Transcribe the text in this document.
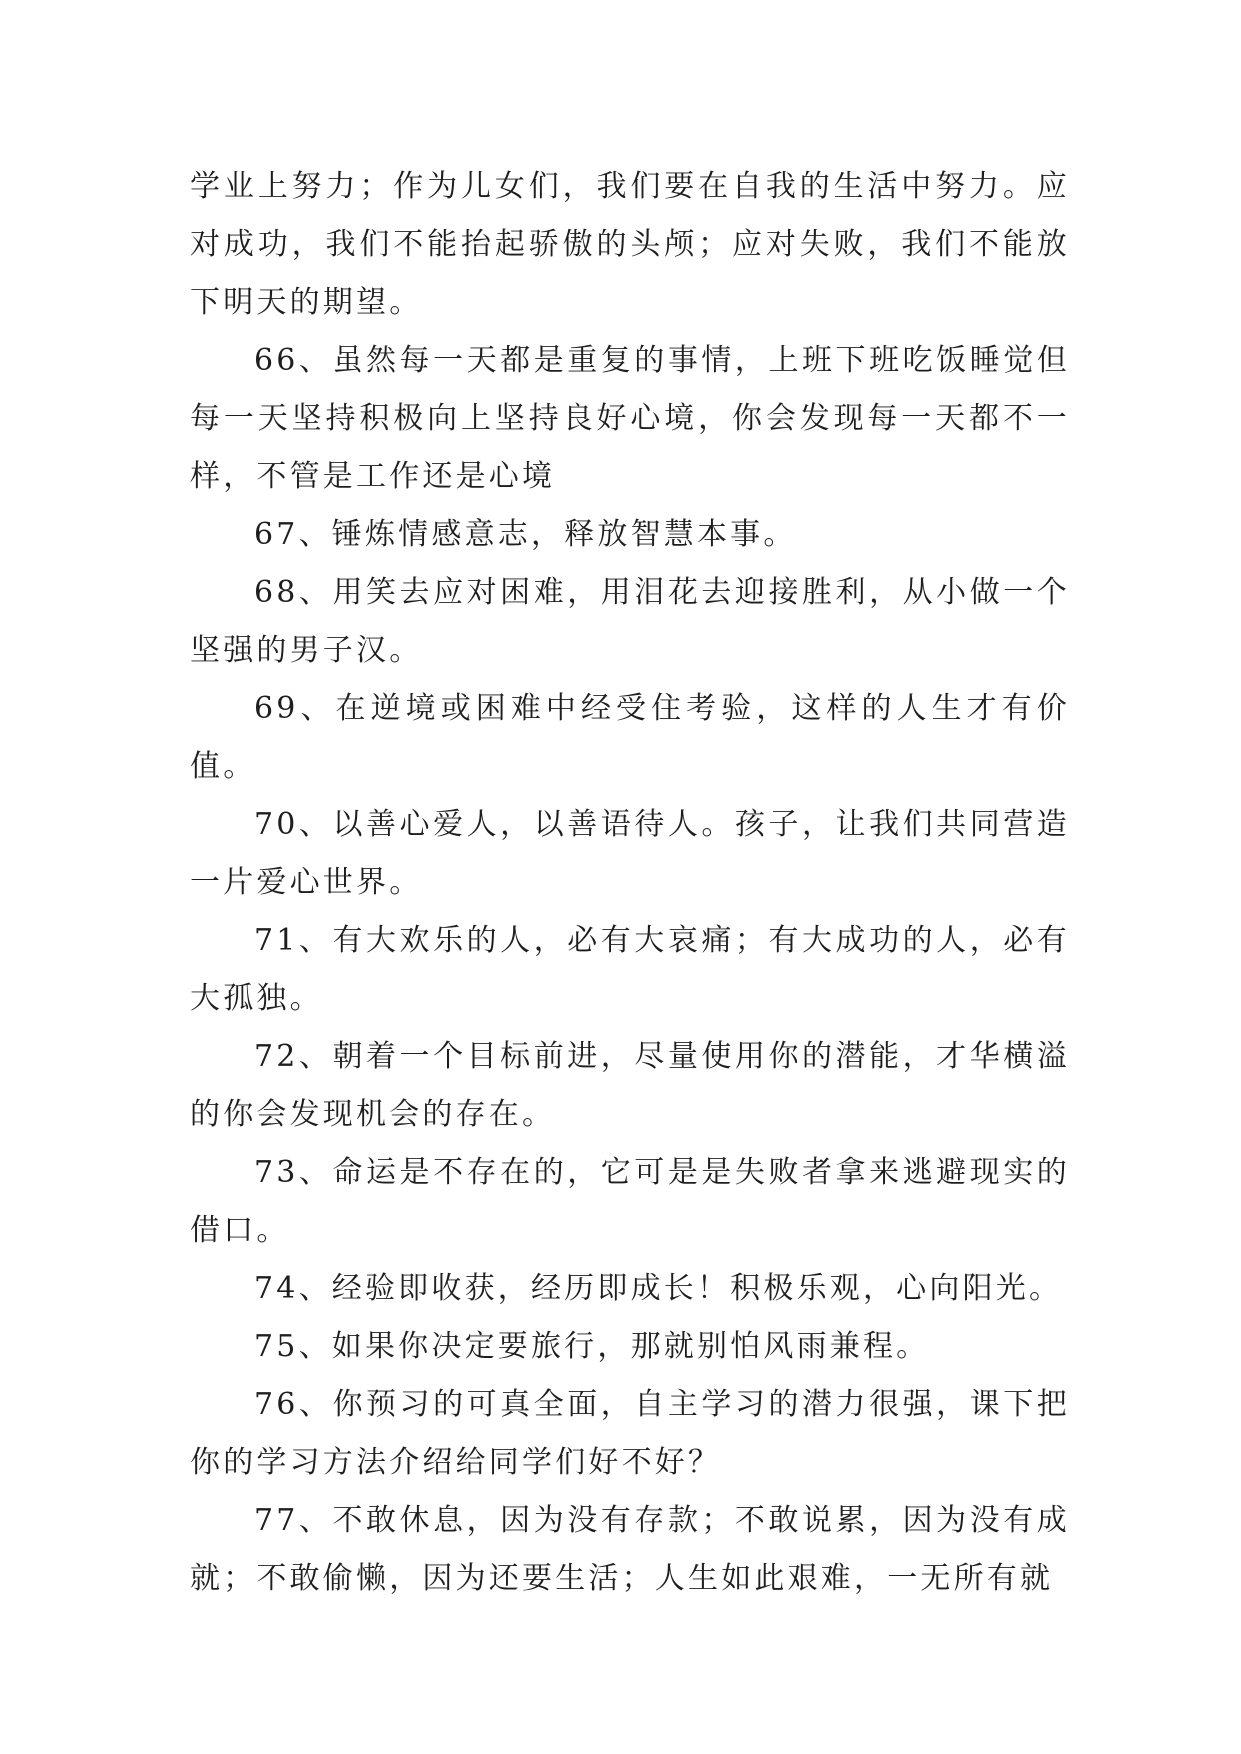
学业上努力；作为儿女们，我们要在自我的生活中努力。应对成功，我们不能抬起骄傲的头颅；应对失败，我们不能放下明天的期望。

66、虽然每一天都是重复的事情，上班下班吃饭睡觉但每一天坚持积极向上坚持良好心境，你会发现每一天都不一样，不管是工作还是心境

67、锤炼情感意志，释放智慧本事。

68、用笑去应对困难，用泪花去迎接胜利，从小做一个坚强的男子汉。

69、在逆境或困难中经受住考验，这样的人生才有价值。

70、以善心爱人，以善语待人。孩子，让我们共同营造一片爱心世界。

71、有大欢乐的人，必有大哀痛；有大成功的人，必有大孤独。

72、朝着一个目标前进，尽量使用你的潜能，才华横溢的你会发现机会的存在。

73、命运是不存在的，它可是是失败者拿来逃避现实的借口。

74、经验即收获，经历即成长！积极乐观，心向阳光。

75、如果你决定要旅行，那就别怕风雨兼程。

76、你预习的可真全面，自主学习的潜力很强，课下把你的学习方法介绍给同学们好不好？

77、不敢休息，因为没有存款；不敢说累，因为没有成就；不敢偷懒，因为还要生活；人生如此艰难，一无所有就
